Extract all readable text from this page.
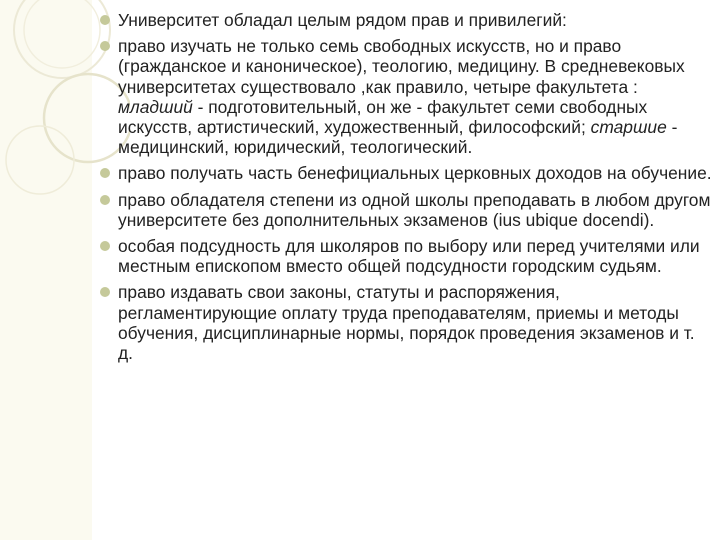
Университет обладал целым рядом прав и привилегий:
право изучать не только семь свободных искусств, но и право (гражданское и каноническое), теологию, медицину. В средневековых университетах существовало ,как правило, четыре факультета : младший - подготовительный, он же - факультет семи свободных искусств, артистический, художественный, философский; старшие - медицинский, юридический, теологический.
право получать часть бенефициальных церковных доходов на обучение.
право обладателя степени из одной школы преподавать в любом другом университете без дополнительных экзаменов (ius ubique docendi).
особая подсудность для школяров по выбору или перед учителями или местным епископом вместо общей подсудности городским судьям.
право издавать свои законы, статуты и распоряжения, регламентирующие оплату труда преподавателям, приемы и методы обучения, дисциплинарные нормы, порядок проведения экзаменов и т. д.
